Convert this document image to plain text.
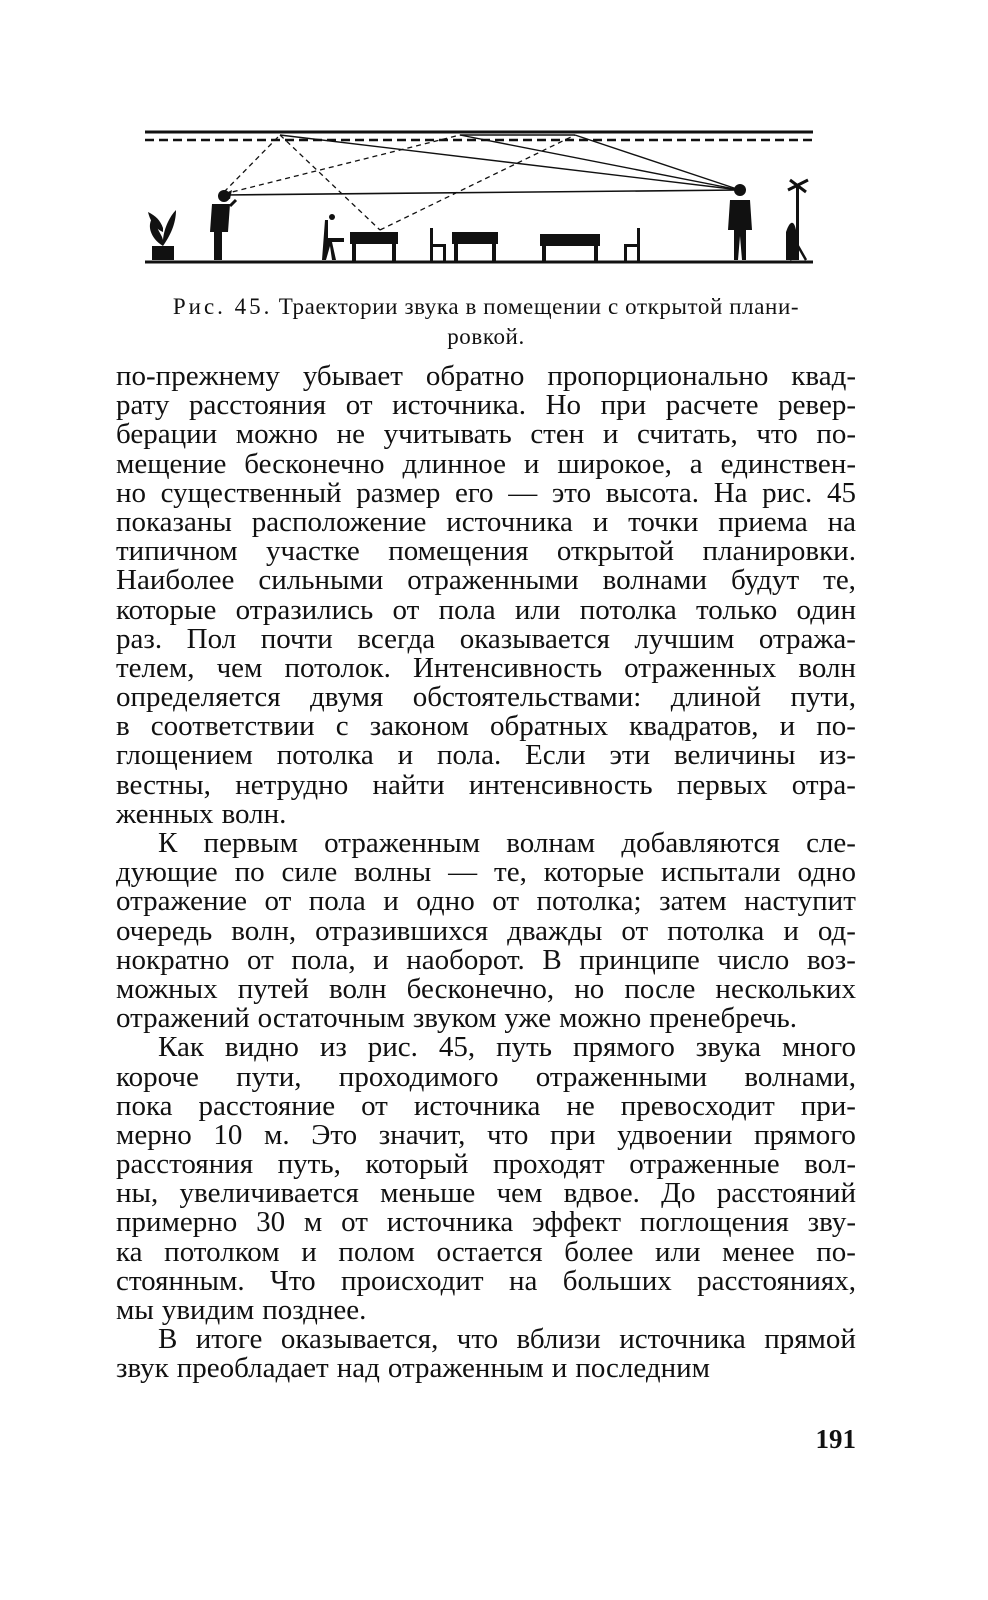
Рис. 45. Траектории звука в помещении с открытой плани-
ровкой.
по-прежнему убывает обратно пропорционально квад-
рату расстояния от источника. Но при расчете ревер-
берации можно не учитывать стен и считать, что по-
мещение бесконечно длинное и широкое, а единствен-
но существенный размер его — это высота. На рис. 45
показаны расположение источника и точки приема на
типичном участке помещения открытой планировки.
Наиболее сильными отраженными волнами будут те,
которые отразились от пола или потолка только один
раз. Пол почти всегда оказывается лучшим отража-
телем, чем потолок. Интенсивность отраженных волн
определяется двумя обстоятельствами: длиной пути,
в соответствии с законом обратных квадратов, и по-
глощением потолка и пола. Если эти величины из-
вестны, нетрудно найти интенсивность первых отра-
женных волн.
К первым отраженным волнам добавляются сле-
дующие по силе волны — те, которые испытали одно
отражение от пола и одно от потолка; затем наступит
очередь волн, отразившихся дважды от потолка и од-
нократно от пола, и наоборот. В принципе число воз-
можных путей волн бесконечно, но после нескольких
отражений остаточным звуком уже можно пренебречь.
Как видно из рис. 45, путь прямого звука много
короче пути, проходимого отраженными волнами,
пока расстояние от источника не превосходит при-
мерно 10 м. Это значит, что при удвоении прямого
расстояния путь, который проходят отраженные вол-
ны, увеличивается меньше чем вдвое. До расстояний
примерно 30 м от источника эффект поглощения зву-
ка потолком и полом остается более или менее по-
стоянным. Что происходит на больших расстояниях,
мы увидим позднее.
В итоге оказывается, что вблизи источника прямой
звук преобладает над отраженным и последним
191
